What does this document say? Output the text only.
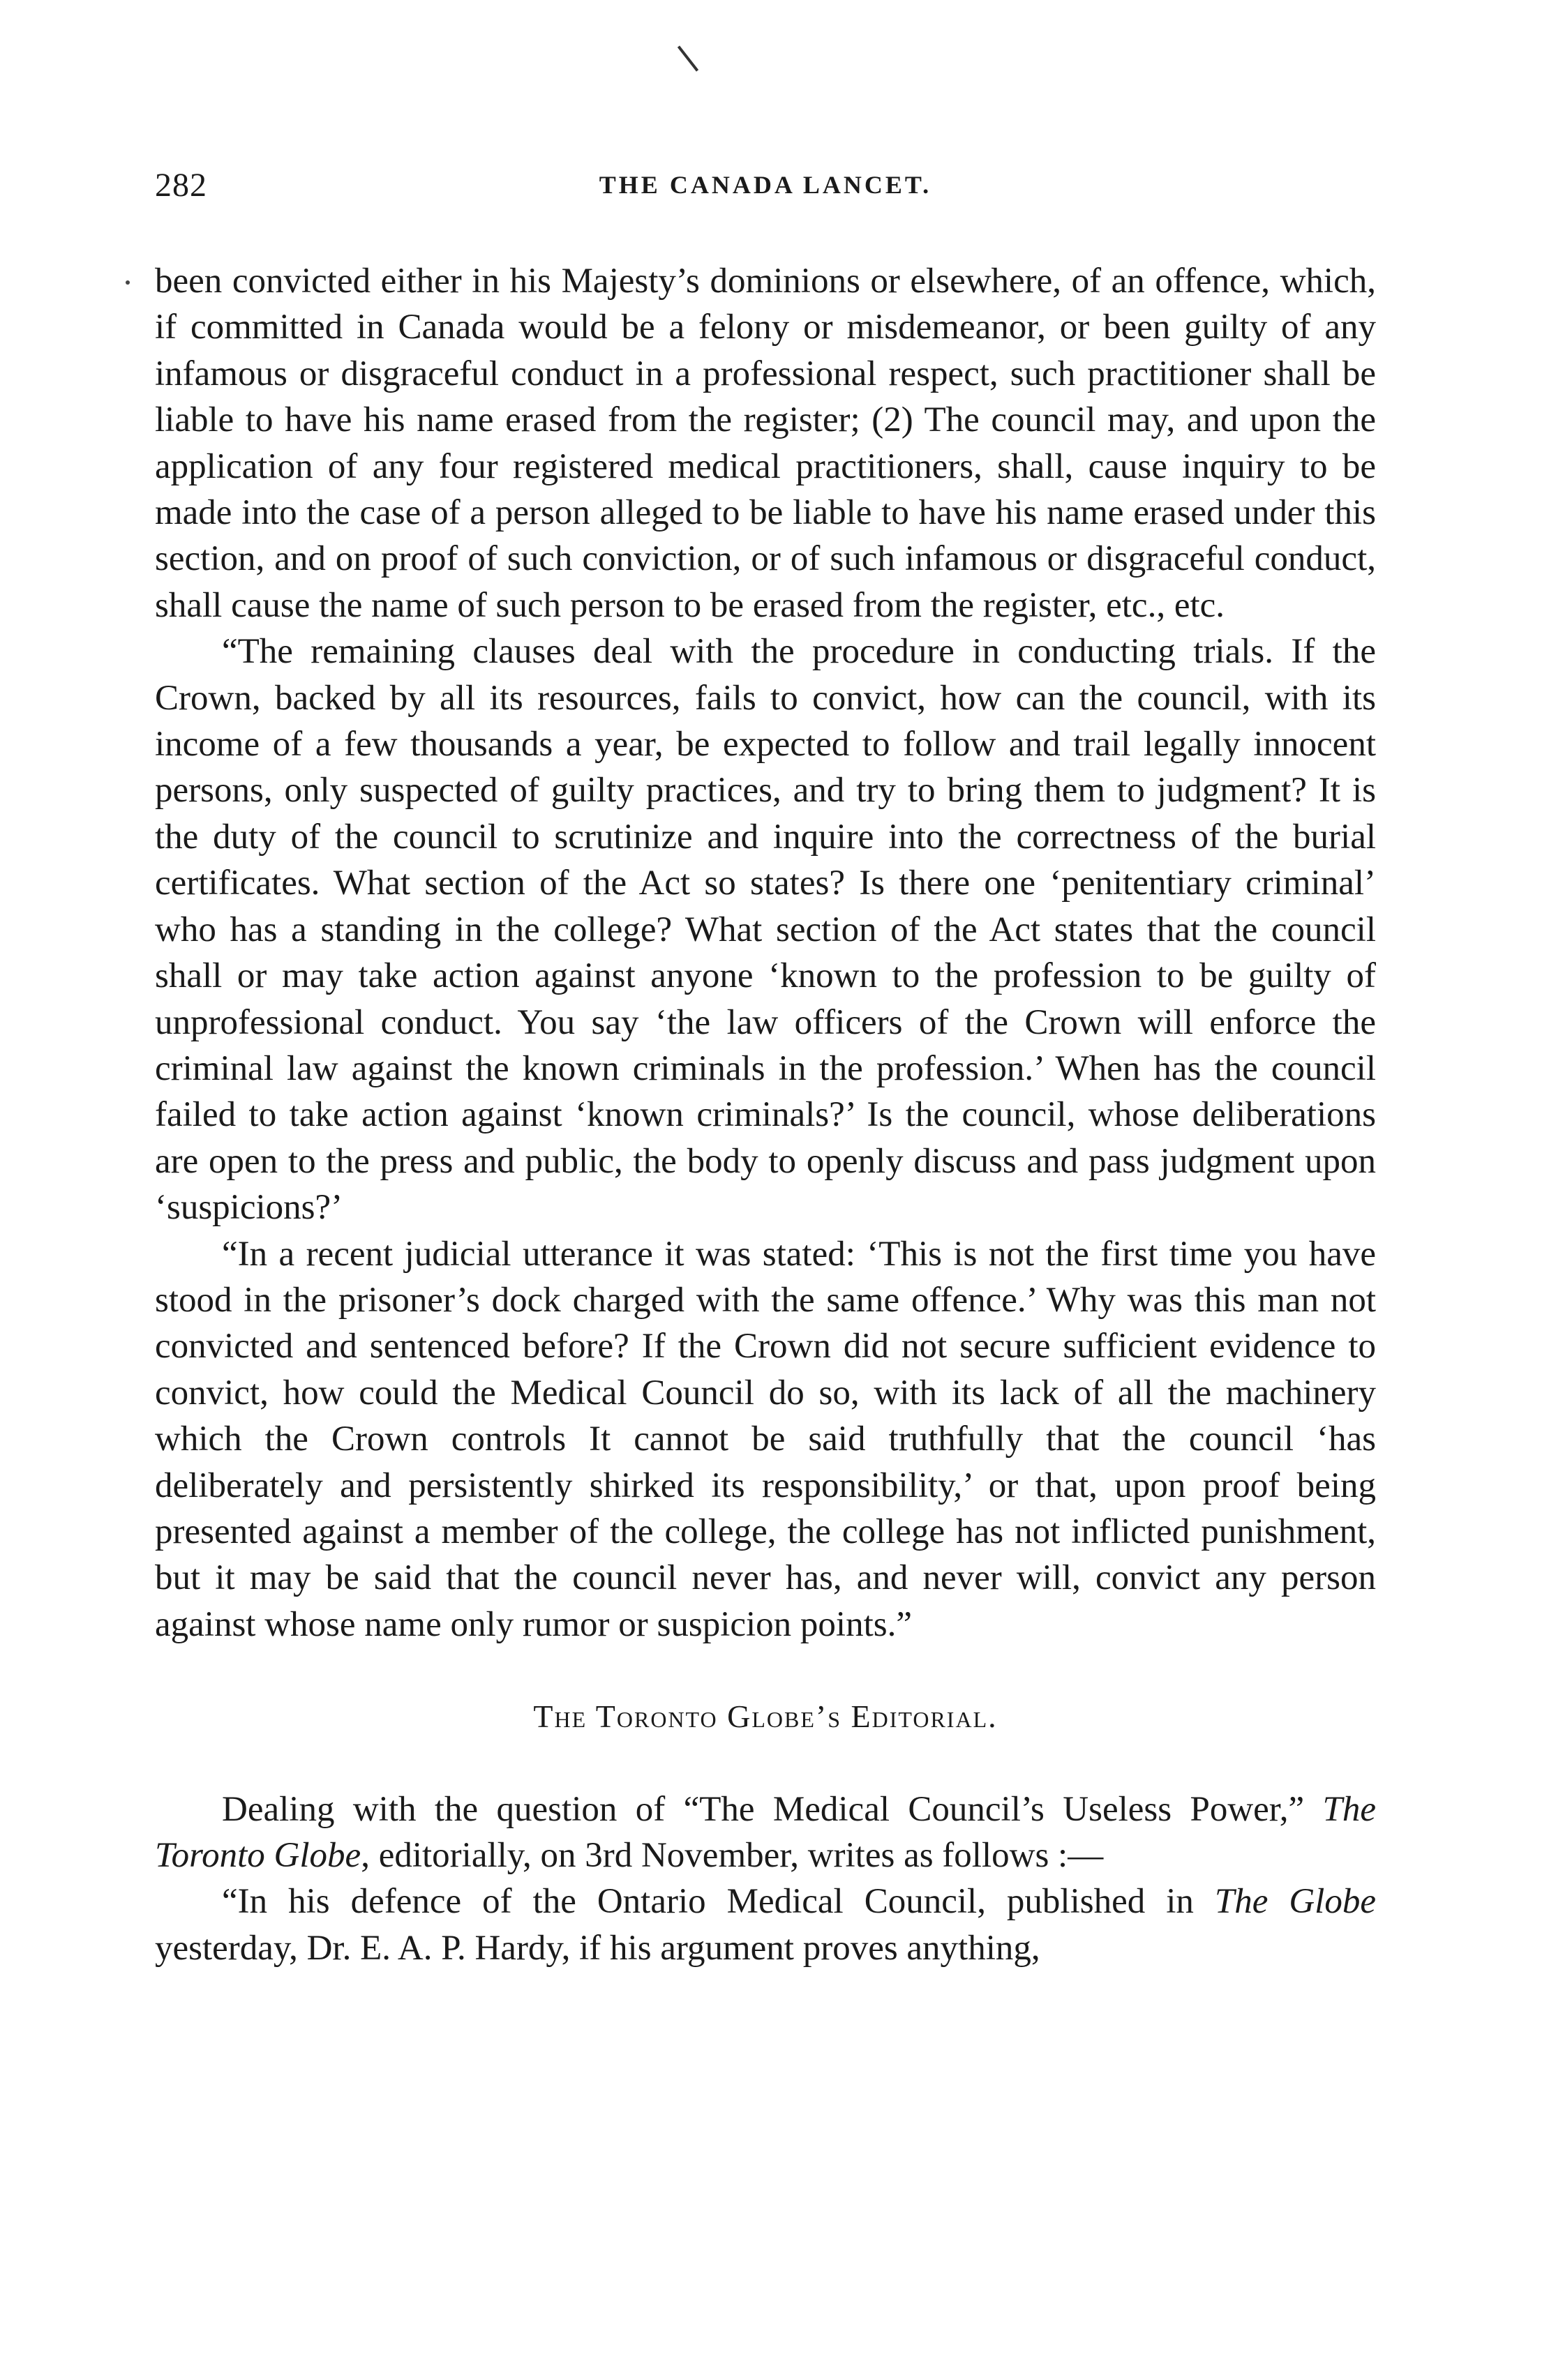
282	THE CANADA LANCET.

been convicted either in his Majesty’s dominions or elsewhere, of an offence, which, if committed in Canada would be a felony or misdemeanor, or been guilty of any infamous or disgraceful conduct in a professional respect, such practitioner shall be liable to have his name erased from the register; (2) The council may, and upon the application of any four registered medical practitioners, shall, cause inquiry to be made into the case of a person alleged to be liable to have his name erased under this section, and on proof of such conviction, or of such infamous or disgraceful conduct, shall cause the name of such person to be erased from the register, etc., etc.

“The remaining clauses deal with the procedure in conducting trials. If the Crown, backed by all its resources, fails to convict, how can the council, with its income of a few thousands a year, be expected to follow and trail legally innocent persons, only suspected of guilty practices, and try to bring them to judgment? It is the duty of the council to scrutinize and inquire into the correctness of the burial certificates. What section of the Act so states? Is there one ‘penitentiary criminal’ who has a standing in the college? What section of the Act states that the council shall or may take action against anyone ‘known to the profession to be guilty of unprofessional conduct. You say ‘the law officers of the Crown will enforce the criminal law against the known criminals in the profession.’ When has the council failed to take action against ‘known criminals?’ Is the council, whose deliberations are open to the press and public, the body to openly discuss and pass judgment upon ‘suspicions?’

“In a recent judicial utterance it was stated: ‘This is not the first time you have stood in the prisoner’s dock charged with the same offence.’ Why was this man not convicted and sentenced before? If the Crown did not secure sufficient evidence to convict, how could the Medical Council do so, with its lack of all the machinery which the Crown controls It cannot be said truthfully that the council ‘has deliberately and persistently shirked its responsibility,’ or that, upon proof being presented against a member of the college, the college has not inflicted punishment, but it may be said that the council never has, and never will, convict any person against whose name only rumor or suspicion points.”

The Toronto Globe’s Editorial.

Dealing with the question of “The Medical Council’s Useless Power,” The Toronto Globe, editorially, on 3rd November, writes as follows :—

“In his defence of the Ontario Medical Council, published in The Globe yesterday, Dr. E. A. P. Hardy, if his argument proves anything,
